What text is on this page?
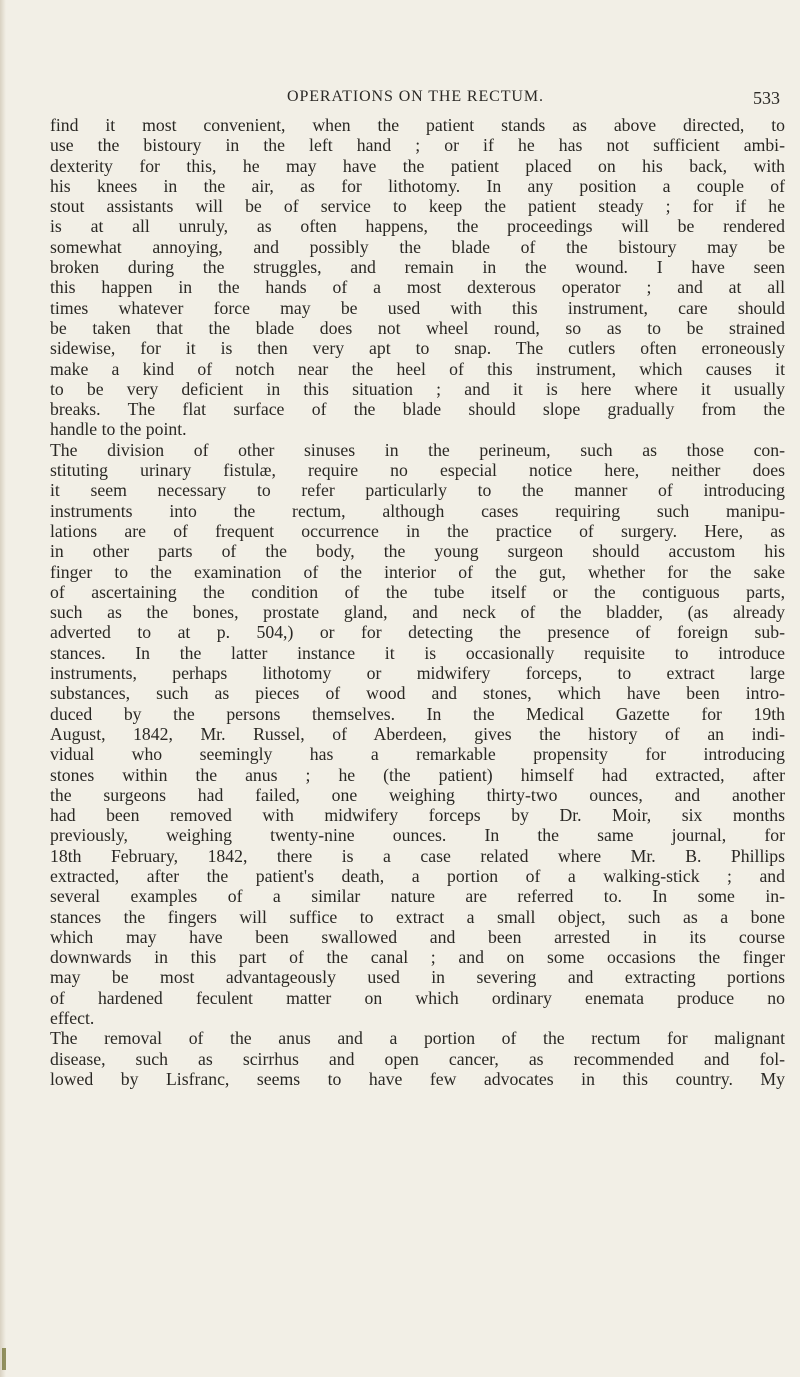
OPERATIONS ON THE RECTUM.	533
find it most convenient, when the patient stands as above directed, to
use the bistoury in the left hand ; or if he has not sufficient ambi-
dexterity for this, he may have the patient placed on his back, with
his knees in the air, as for lithotomy. In any position a couple of
stout assistants will be of service to keep the patient steady ; for if he
is at all unruly, as often happens, the proceedings will be rendered
somewhat annoying, and possibly the blade of the bistoury may be
broken during the struggles, and remain in the wound. I have seen
this happen in the hands of a most dexterous operator ; and at all
times whatever force may be used with this instrument, care should
be taken that the blade does not wheel round, so as to be strained
sidewise, for it is then very apt to snap. The cutlers often erroneously
make a kind of notch near the heel of this instrument, which causes it
to be very deficient in this situation ; and it is here where it usually
breaks. The flat surface of the blade should slope gradually from the
handle to the point.
The division of other sinuses in the perineum, such as those con-
stituting urinary fistulæ, require no especial notice here, neither does
it seem necessary to refer particularly to the manner of introducing
instruments into the rectum, although cases requiring such manipu-
lations are of frequent occurrence in the practice of surgery. Here, as
in other parts of the body, the young surgeon should accustom his
finger to the examination of the interior of the gut, whether for the sake
of ascertaining the condition of the tube itself or the contiguous parts,
such as the bones, prostate gland, and neck of the bladder, (as already
adverted to at p. 504,) or for detecting the presence of foreign sub-
stances. In the latter instance it is occasionally requisite to introduce
instruments, perhaps lithotomy or midwifery forceps, to extract large
substances, such as pieces of wood and stones, which have been intro-
duced by the persons themselves. In the Medical Gazette for 19th
August, 1842, Mr. Russel, of Aberdeen, gives the history of an indi-
vidual who seemingly has a remarkable propensity for introducing
stones within the anus ; he (the patient) himself had extracted, after
the surgeons had failed, one weighing thirty-two ounces, and another
had been removed with midwifery forceps by Dr. Moir, six months
previously, weighing twenty-nine ounces. In the same journal, for
18th February, 1842, there is a case related where Mr. B. Phillips
extracted, after the patient's death, a portion of a walking-stick ; and
several examples of a similar nature are referred to. In some in-
stances the fingers will suffice to extract a small object, such as a bone
which may have been swallowed and been arrested in its course
downwards in this part of the canal ; and on some occasions the finger
may be most advantageously used in severing and extracting portions
of hardened feculent matter on which ordinary enemata produce no
effect.
The removal of the anus and a portion of the rectum for malignant
disease, such as scirrhus and open cancer, as recommended and fol-
lowed by Lisfranc, seems to have few advocates in this country. My
